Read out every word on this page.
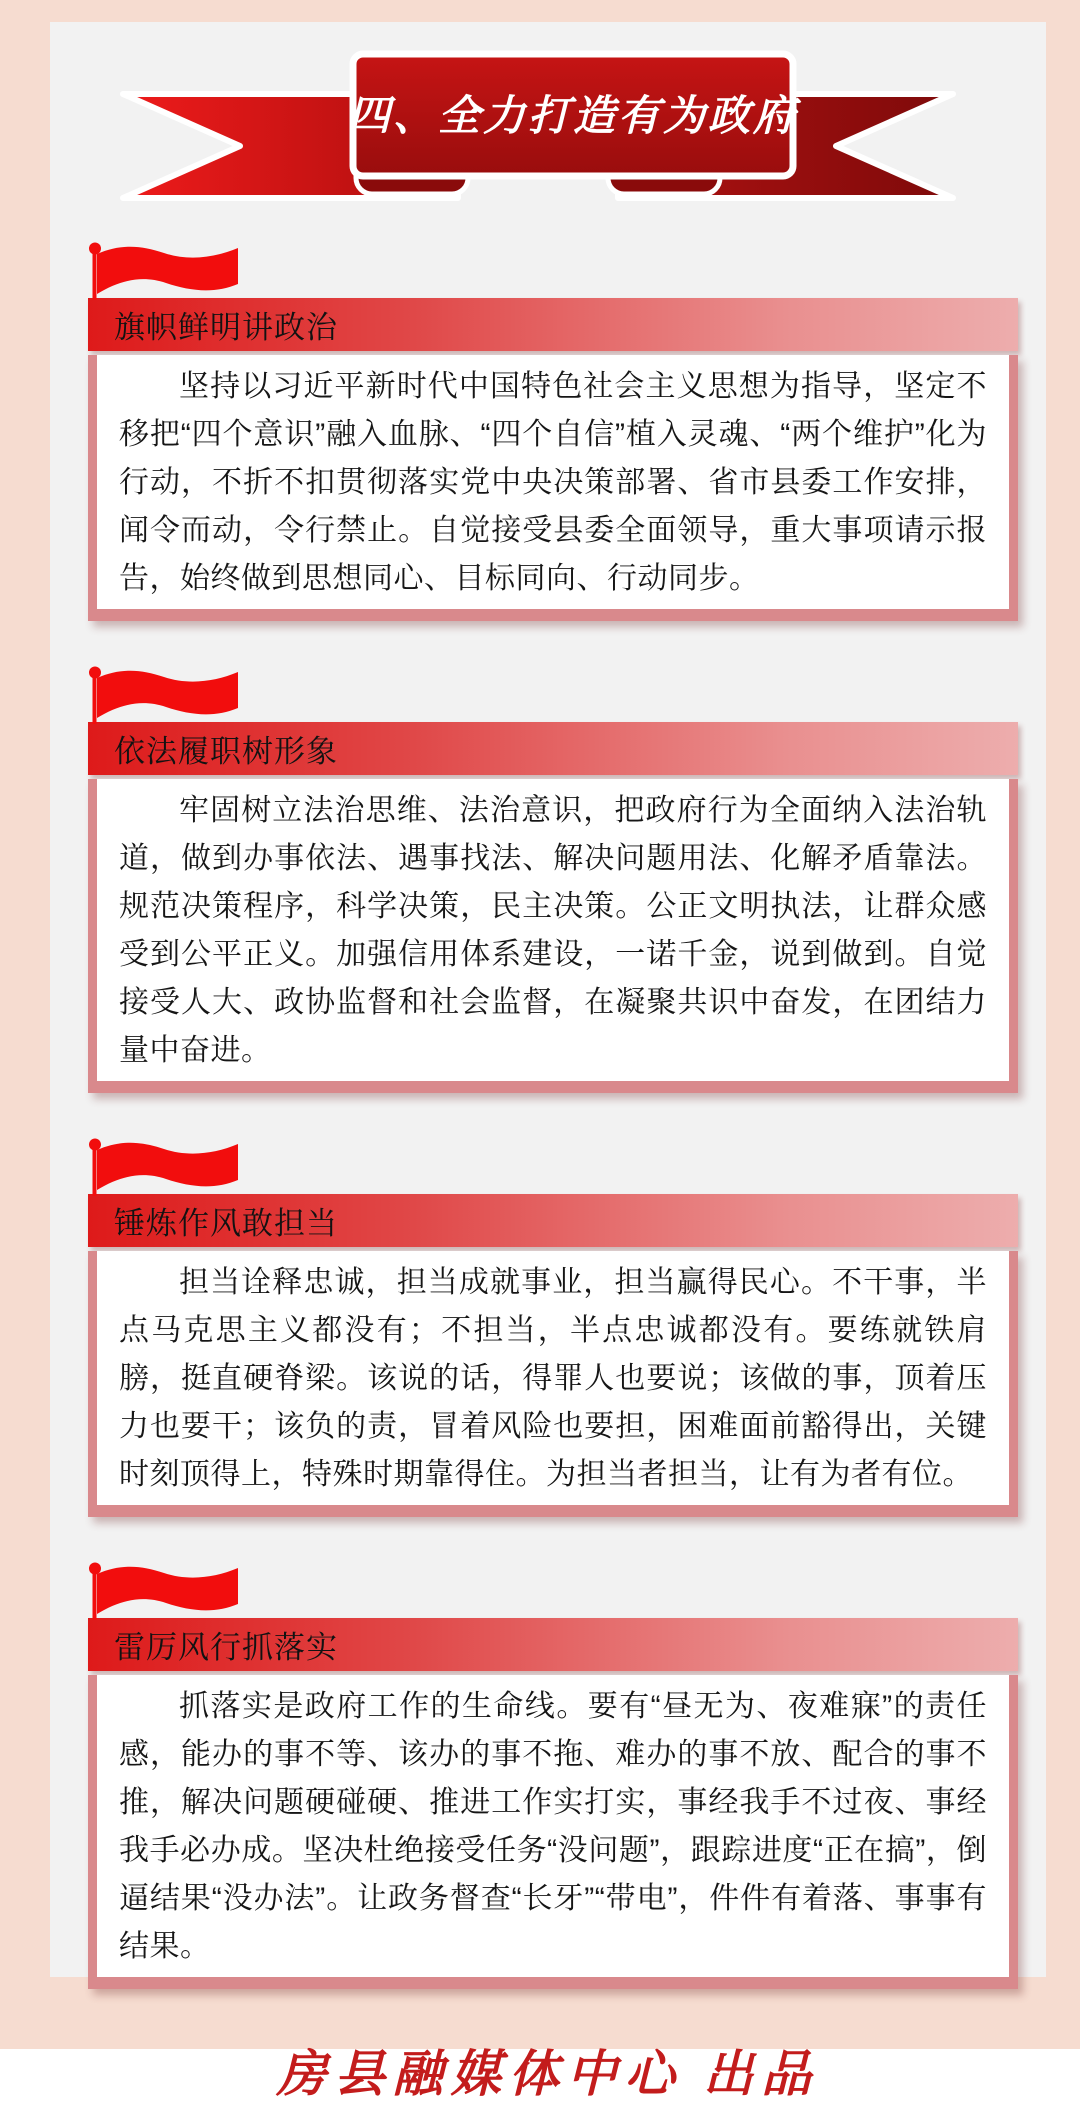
四、全力打造有为政府
旗帜鲜明讲政治

坚持以习近平新时代中国特色社会主义思想为指导，坚定不移把“四个意识”融入血脉、“四个自信”植入灵魂、“两个维护”化为行动，不折不扣贯彻落实党中央决策部署、省市县委工作安排，闻令而动，令行禁止。自觉接受县委全面领导，重大事项请示报告，始终做到思想同心、目标同向、行动同步。

依法履职树形象

牢固树立法治思维、法治意识，把政府行为全面纳入法治轨道，做到办事依法、遇事找法、解决问题用法、化解矛盾靠法。规范决策程序，科学决策，民主决策。公正文明执法，让群众感受到公平正义。加强信用体系建设，一诺千金，说到做到。自觉接受人大、政协监督和社会监督，在凝聚共识中奋发，在团结力量中奋进。

锤炼作风敢担当

担当诠释忠诚，担当成就事业，担当赢得民心。不干事，半点马克思主义都没有；不担当，半点忠诚都没有。要练就铁肩膀，挺直硬脊梁。该说的话，得罪人也要说；该做的事，顶着压力也要干；该负的责，冒着风险也要担，困难面前豁得出，关键时刻顶得上，特殊时期靠得住。为担当者担当，让有为者有位。

雷厉风行抓落实

抓落实是政府工作的生命线。要有“昼无为、夜难寐”的责任感，能办的事不等、该办的事不拖、难办的事不放、配合的事不推，解决问题硬碰硬、推进工作实打实，事经我手不过夜、事经我手必办成。坚决杜绝接受任务“没问题”，跟踪进度“正在搞”，倒逼结果“没办法”。让政务督查“长牙”“带电”，件件有着落、事事有结果。

房县融媒体中心 出品
